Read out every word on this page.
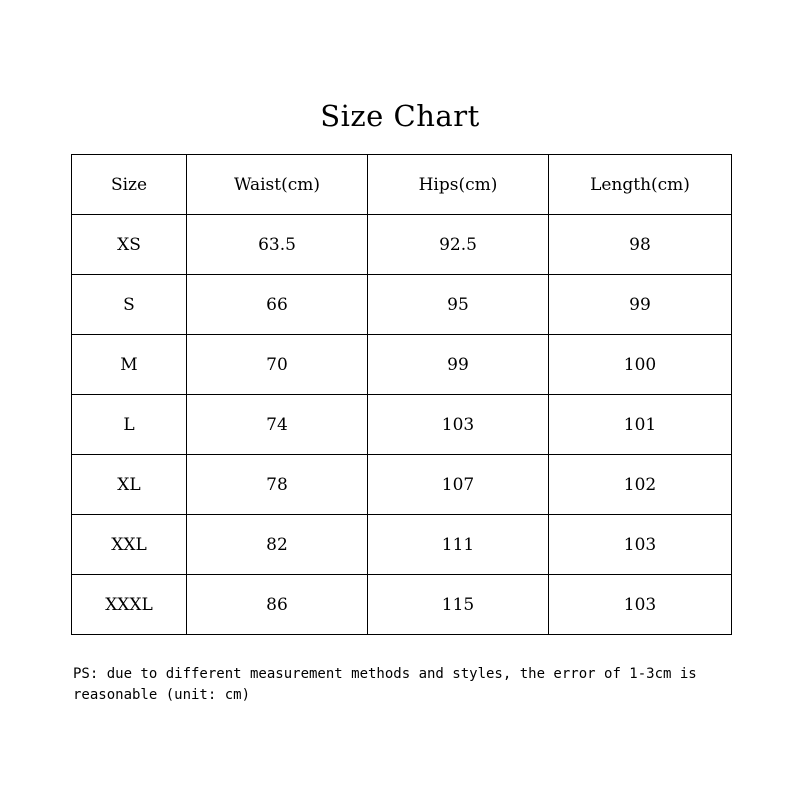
Size Chart
Size	Waist(cm)	Hips(cm)	Length(cm)
XS	63.5	92.5	98
S	66	95	99
M	70	99	100
L	74	103	101
XL	78	107	102
XXL	82	111	103
XXXL	86	115	103
PS: due to different measurement methods and styles, the error of 1-3cm is reasonable (unit: cm)
